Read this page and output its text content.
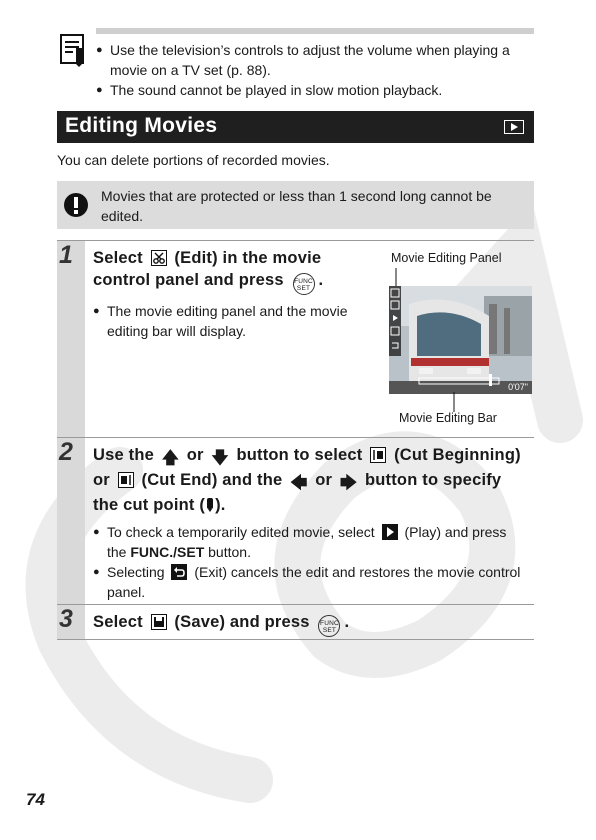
● Use the television’s controls to adjust the volume when playing a movie on a TV set (p. 88).
● The sound cannot be played in slow motion playback.
Editing Movies
You can delete portions of recorded movies.
Movies that are protected or less than 1 second long cannot be edited.
1 Select (Edit) in the movie control panel and press FUNC SET .
● The movie editing panel and the movie editing bar will display.
Movie Editing Panel
0'07"
Movie Editing Bar
2 Use the 🡅 or 🡇 button to select (Cut Beginning) or (Cut End) and the 🡄 or 🡆 button to specify the cut point ( ).
● To check a temporarily edited movie, select (Play) and press the FUNC./SET button.
● Selecting (Exit) cancels the edit and restores the movie control panel.
3 Select (Save) and press FUNC SET .
74
